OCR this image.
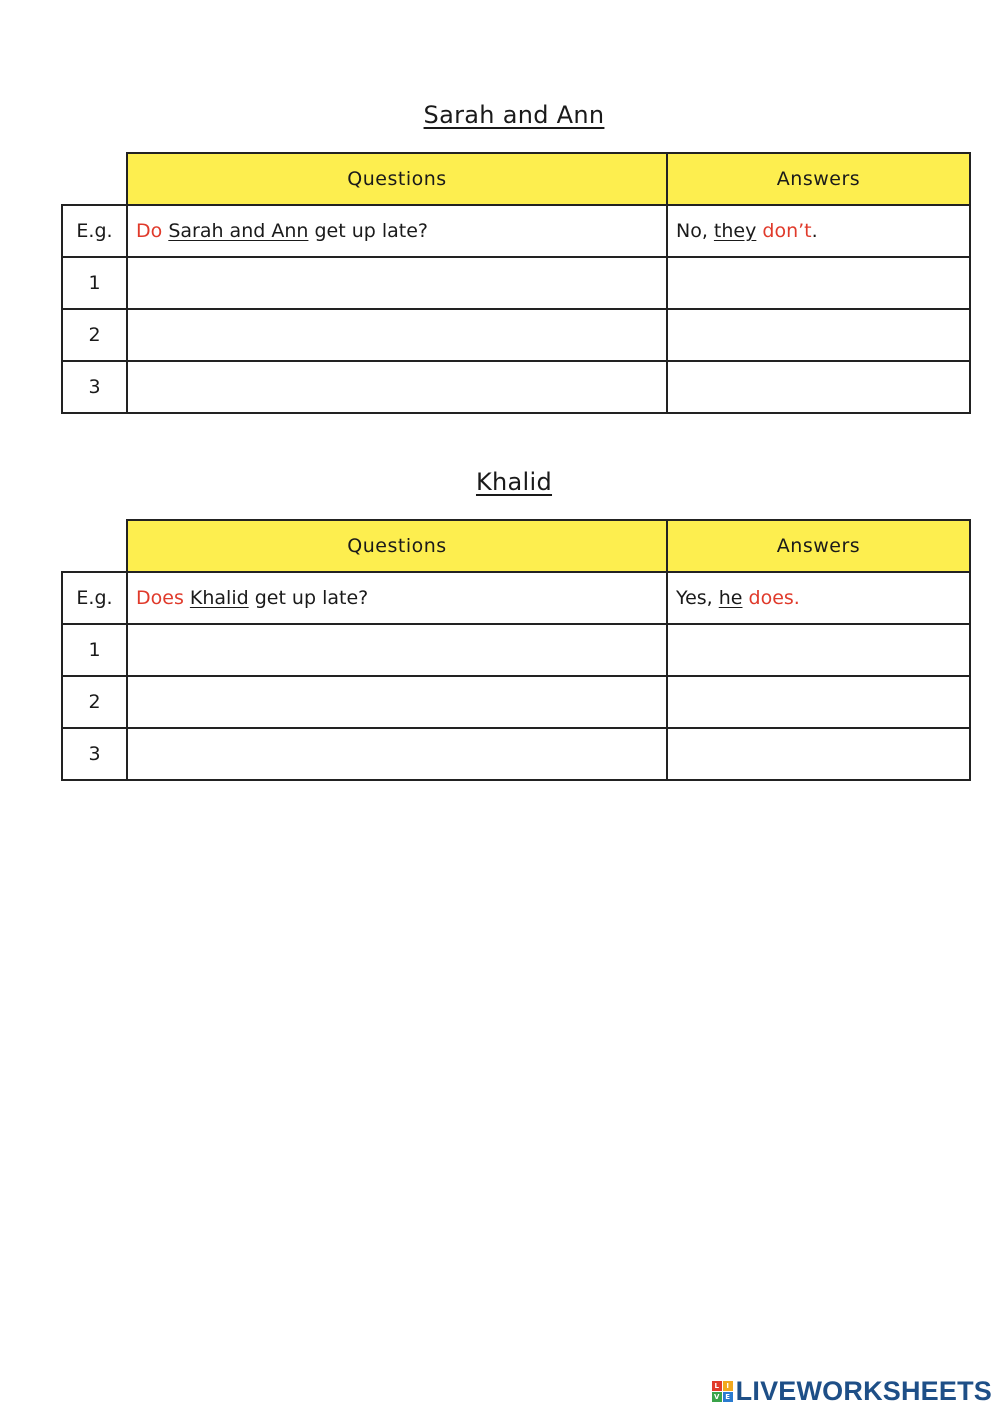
Sarah and Ann
	Questions	Answers
E.g.	Do Sarah and Ann get up late?	No, they don’t.
1		
2		
3		
Khalid
	Questions	Answers
E.g.	Does Khalid get up late?	Yes, he does.
1		
2		
3		
L	I
V E LIVEWORKSHEETS
